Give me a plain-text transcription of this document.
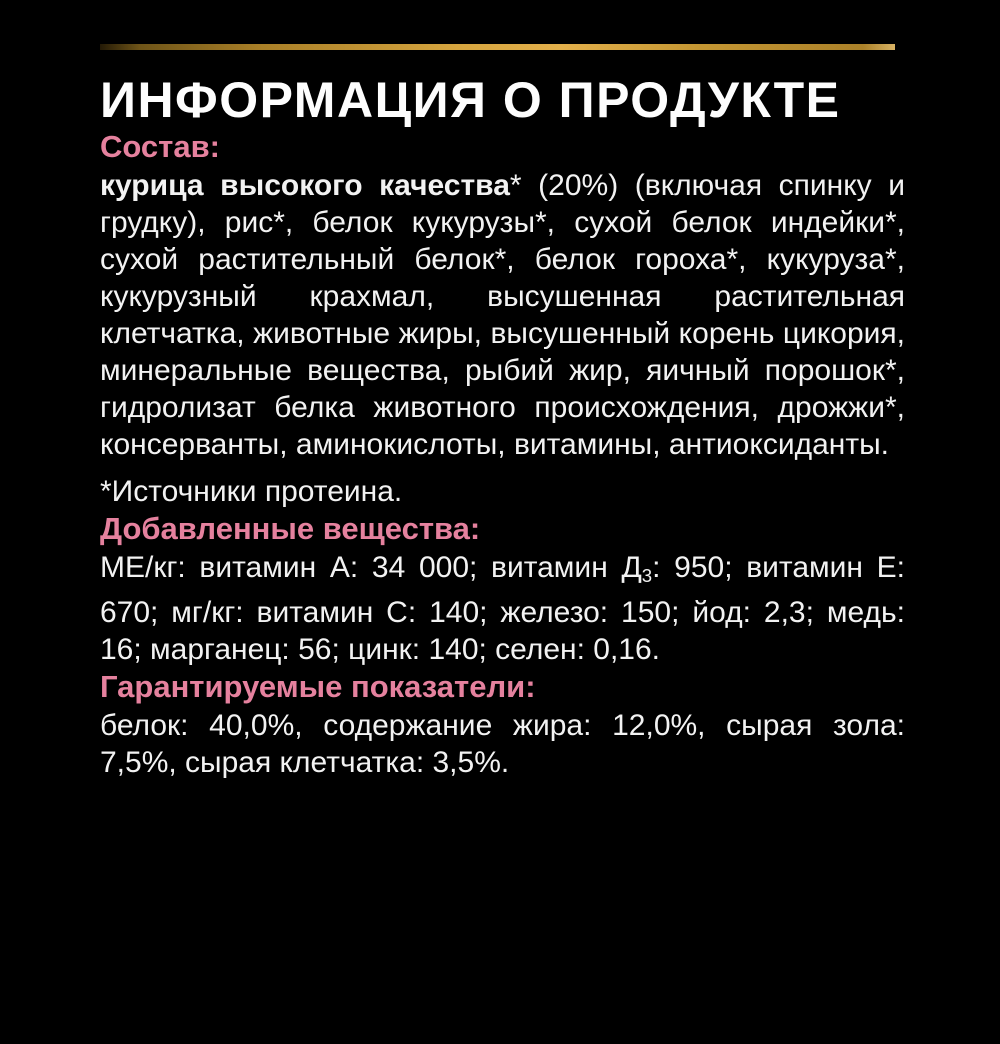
ИНФОРМАЦИЯ О ПРОДУКТЕ
Состав:

курица высокого качества* (20%) (включая спинку и грудку), рис*, белок кукурузы*, сухой белок индейки*, сухой растительный белок*, белок гороха*, кукуруза*, кукурузный крахмал, высушенная растительная клетчатка, животные жиры, высушенный корень цикория, минеральные вещества, рыбий жир, яичный порошок*, гидролизат белка животного происхождения, дрожжи*, консерванты, аминокислоты, витамины, антиоксиданты.

*Источники протеина.

Добавленные вещества:

МЕ/кг: витамин А: 34 000; витамин $Д_3$: 950; витамин Е: 670; мг/кг: витамин С: 140; железо: 150; йод: 2,3; медь: 16; марганец: 56; цинк: 140; селен: 0,16.

Гарантируемые показатели:

белок: 40,0%, содержание жира: 12,0%, сырая зола: 7,5%, сырая клетчатка: 3,5%.
